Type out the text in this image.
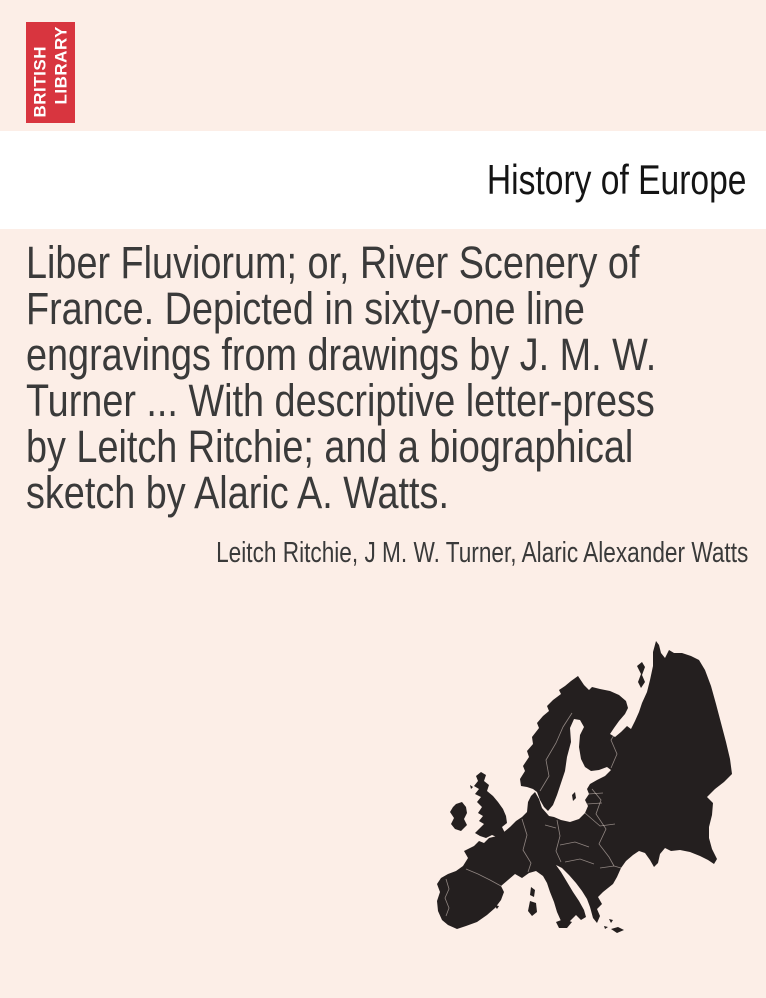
BRITISH LIBRARY
History of Europe
Liber Fluviorum; or, River Scenery of
France. Depicted in sixty-one line
engravings from drawings by J. M. W.
Turner ... With descriptive letter-press
by Leitch Ritchie; and a biographical
sketch by Alaric A. Watts.
Leitch Ritchie, J M. W. Turner, Alaric Alexander Watts
